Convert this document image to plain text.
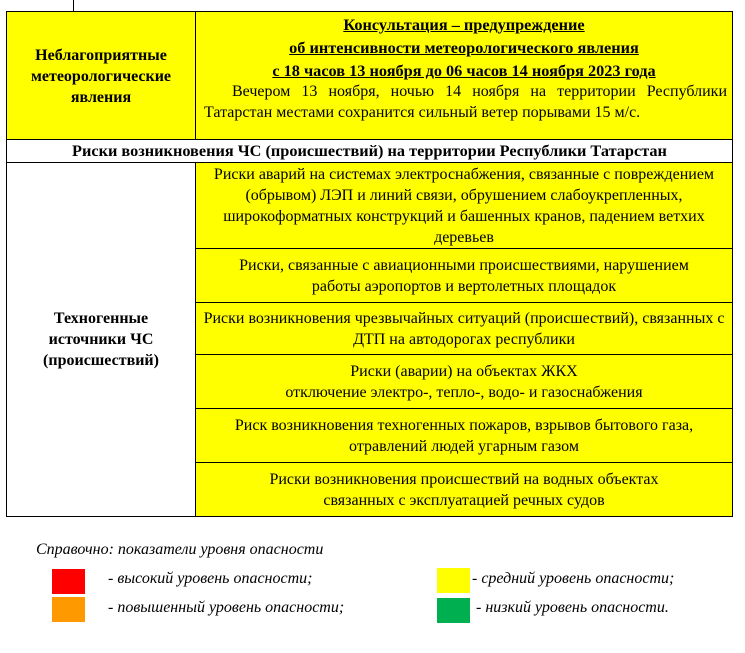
Неблагоприятные метеорологические явления
Консультация – предупреждение
об интенсивности метеорологического явления
с 18 часов 13 ноября до 06 часов 14 ноября 2023 года
Вечером 13 ноября, ночью 14 ноября на территории Республики Татарстан местами сохранится сильный ветер порывами 15 м/с.
Риски возникновения ЧС (происшествий) на территории Республики Татарстан
Техногенные источники ЧС (происшествий)
Риски аварий на системах электроснабжения, связанные с повреждением (обрывом) ЛЭП и линий связи, обрушением слабоукрепленных, широкоформатных конструкций и башенных кранов, падением ветхих деревьев
Риски, связанные с авиационными происшествиями, нарушением работы аэропортов и вертолетных площадок
Риски возникновения чрезвычайных ситуаций (происшествий), связанных с ДТП на автодорогах республики
Риски (аварии) на объектах ЖКХ
отключение электро-, тепло-, водо- и газоснабжения
Риск возникновения техногенных пожаров, взрывов бытового газа, отравлений людей угарным газом
Риски возникновения происшествий на водных объектах связанных с эксплуатацией речных судов
Справочно: показатели уровня опасности
- высокий уровень опасности;
- повышенный уровень опасности;
- средний уровень опасности;
- низкий уровень опасности.
